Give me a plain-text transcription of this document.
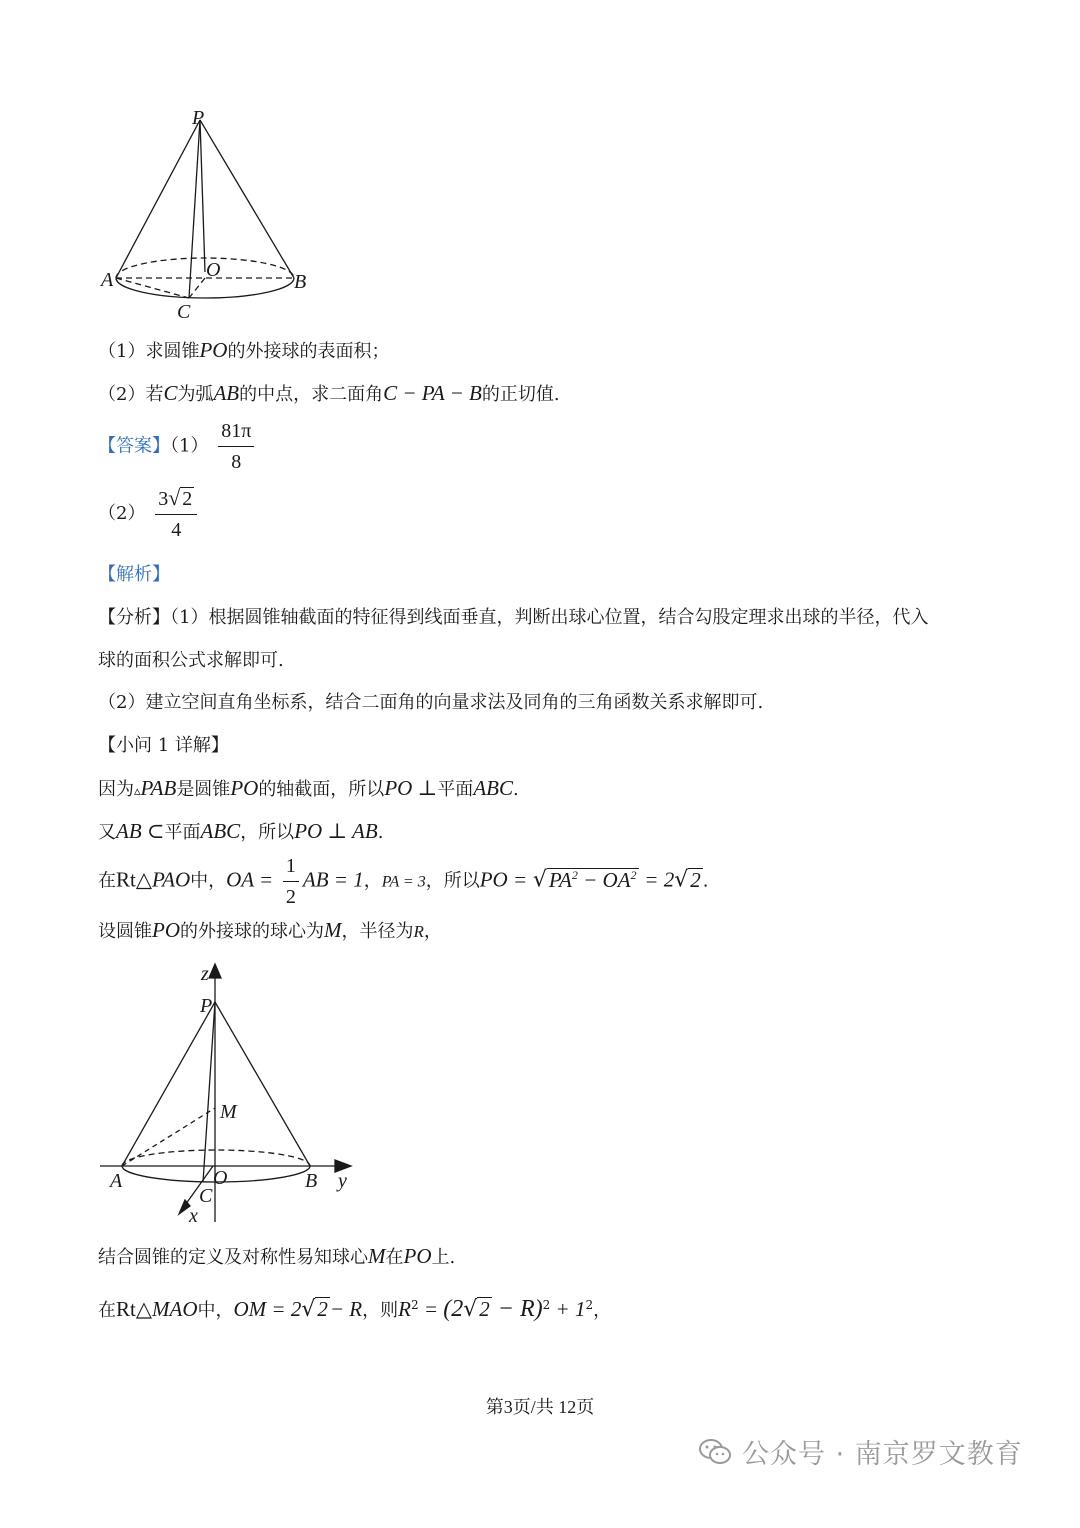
P
O
A	B
C
（1）求圆锥PO的外接球的表面积；
（2）若C为弧AB的中点，求二面角C − PA − B的正切值.
【答案】$(1) \frac{81\pi}{8}$
$(2) \frac{3√ 2}{4}$
【解析】
【分析】（1）根据圆锥轴截面的特征得到线面垂直，判断出球心位置，结合勾股定理求出球的半径，代入
球的面积公式求解即可.
（2）建立空间直角坐标系，结合二面角的向量求法及同角的三角函数关系求解即可.
【小问 1 详解】
因为▵PAB是圆锥PO的轴截面，所以PO ⊥平面ABC.
又AB ⊂平面ABC，所以PO ⊥ AB.
在Rt△PAO中，OA = $\frac{1}{2}$ AB = 1，PA = 3，所以PO = $√PA^2 - OA^2 = 2√2$ .
设圆锥PO的外接球的球心为M，半径为R，
z
P
M
A	O	B y
C
x
结合圆锥的定义及对称性易知球心M在PO上.
在Rt△MAO中，OM = 2√2− R，则$R^2 = (2√2 - R)^2 + 1^2$，
第3页/共 12页
公众号 · 南京罗文教育
